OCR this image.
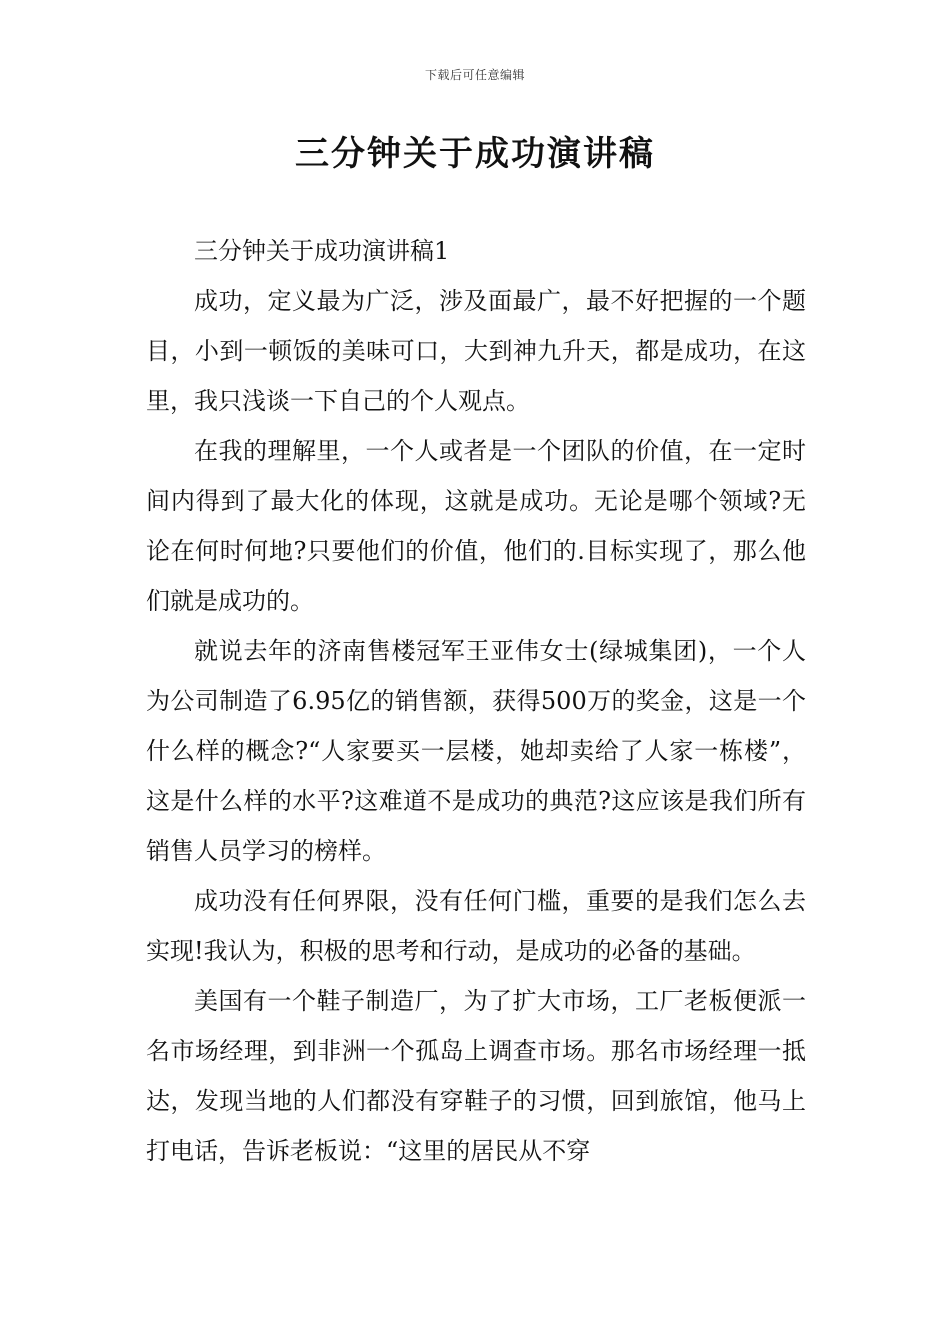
下载后可任意编辑
三分钟关于成功演讲稿
三分钟关于成功演讲稿1

成功，定义最为广泛，涉及面最广，最不好把握的一个题目，小到一顿饭的美味可口，大到神九升天，都是成功，在这里，我只浅谈一下自己的个人观点。

在我的理解里，一个人或者是一个团队的价值，在一定时间内得到了最大化的体现，这就是成功。无论是哪个领域?无论在何时何地?只要他们的价值，他们的.目标实现了，那么他们就是成功的。

就说去年的济南售楼冠军王亚伟女士(绿城集团)，一个人为公司制造了6.95亿的销售额，获得500万的奖金，这是一个什么样的概念?“人家要买一层楼，她却卖给了人家一栋楼”，这是什么样的水平?这难道不是成功的典范?这应该是我们所有销售人员学习的榜样。

成功没有任何界限，没有任何门槛，重要的是我们怎么去实现!我认为，积极的思考和行动，是成功的必备的基础。

美国有一个鞋子制造厂，为了扩大市场，工厂老板便派一名市场经理，到非洲一个孤岛上调查市场。那名市场经理一抵达，发现当地的人们都没有穿鞋子的习惯，回到旅馆，他马上打电话，告诉老板说：“这里的居民从不穿
